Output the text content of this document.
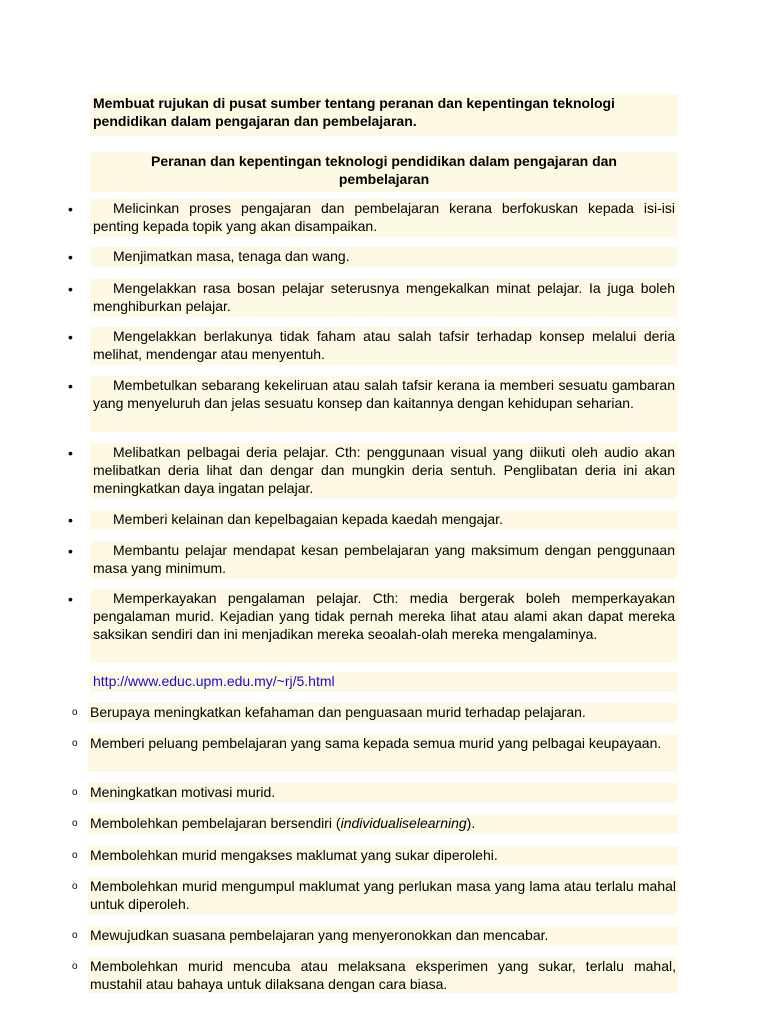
Membuat rujukan di pusat sumber tentang peranan dan kepentingan teknologi pendidikan dalam pengajaran dan pembelajaran.
Peranan dan kepentingan teknologi pendidikan dalam pengajaran dan pembelajaran
•	Melicinkan proses pengajaran dan pembelajaran kerana berfokuskan kepada isi-isi penting kepada topik yang akan disampaikan.
•	Menjimatkan masa, tenaga dan wang.
•	Mengelakkan rasa bosan pelajar seterusnya mengekalkan minat pelajar. Ia juga boleh menghiburkan pelajar.
•	Mengelakkan berlakunya tidak faham atau salah tafsir terhadap konsep melalui deria melihat, mendengar atau menyentuh.
•	Membetulkan sebarang kekeliruan atau salah tafsir kerana ia memberi sesuatu gambaran yang menyeluruh dan jelas sesuatu konsep dan kaitannya dengan kehidupan seharian.
•	Melibatkan pelbagai deria pelajar. Cth: penggunaan visual yang diikuti oleh audio akan melibatkan deria lihat dan dengar dan mungkin deria sentuh. Penglibatan deria ini akan meningkatkan daya ingatan pelajar.
•	Memberi kelainan dan kepelbagaian kepada kaedah mengajar.
•	Membantu pelajar mendapat kesan pembelajaran yang maksimum dengan penggunaan masa yang minimum.
•	Memperkayakan pengalaman pelajar. Cth: media bergerak boleh memperkayakan pengalaman murid. Kejadian yang tidak pernah mereka lihat atau alami akan dapat mereka saksikan sendiri dan ini menjadikan mereka seoalah-olah mereka mengalaminya.
http://www.educ.upm.edu.my/~rj/5.html
o Berupaya meningkatkan kefahaman dan penguasaan murid terhadap pelajaran.
o Memberi peluang pembelajaran yang sama kepada semua murid yang pelbagai keupayaan.
o Meningkatkan motivasi murid.
o Membolehkan pembelajaran bersendiri (individualiselearning).
o Membolehkan murid mengakses maklumat yang sukar diperolehi.
o Membolehkan murid mengumpul maklumat yang perlukan masa yang lama atau terlalu mahal untuk diperoleh.
o Mewujudkan suasana pembelajaran yang menyeronokkan dan mencabar.
o Membolehkan murid mencuba atau melaksana eksperimen yang sukar, terlalu mahal, mustahil atau bahaya untuk dilaksana dengan cara biasa.
